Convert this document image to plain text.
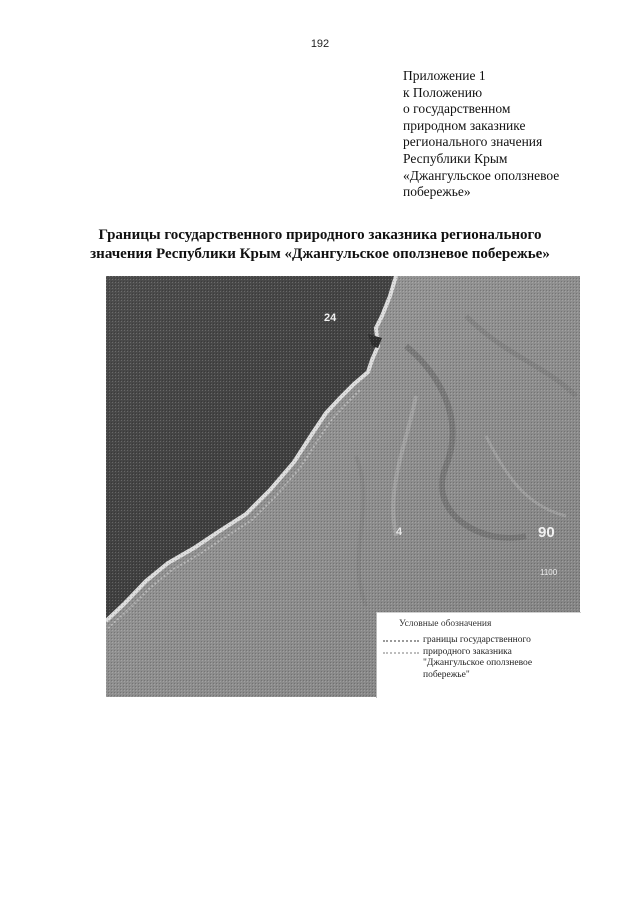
192
Приложение 1
к Положению
о государственном
природном заказнике
регионального значения
Республики Крым
«Джангульское оползневое
побережье»
Границы государственного природного заказника регионального
значения Республики Крым «Джангульское оползневое побережье»
24
4	90
1100
Условные обозначения
границы государственного
природного заказника
"Джангульское оползневое
побережье"
